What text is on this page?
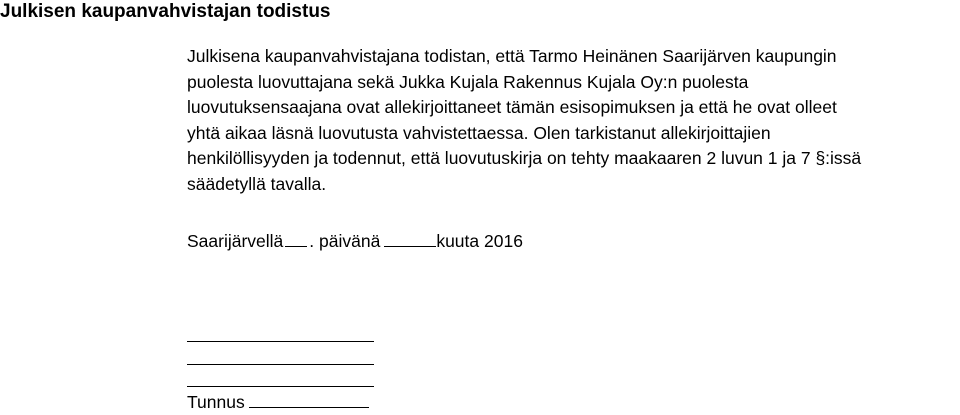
Julkisen kaupanvahvistajan todistus
Julkisena kaupanvahvistajana todistan, että Tarmo Heinänen Saarijärven kaupungin
puolesta luovuttajana sekä Jukka Kujala Rakennus Kujala Oy:n puolesta
luovutuksensaajana ovat allekirjoittaneet tämän esisopimuksen ja että he ovat olleet
yhtä aikaa läsnä luovutusta vahvistettaessa. Olen tarkistanut allekirjoittajien
henkilöllisyyden ja todennut, että luovutuskirja on tehty maakaaren 2 luvun 1 ja 7 §:issä
säädetyllä tavalla.
Saarijärvellä . päivänä	kuuta 2016
Tunnus
